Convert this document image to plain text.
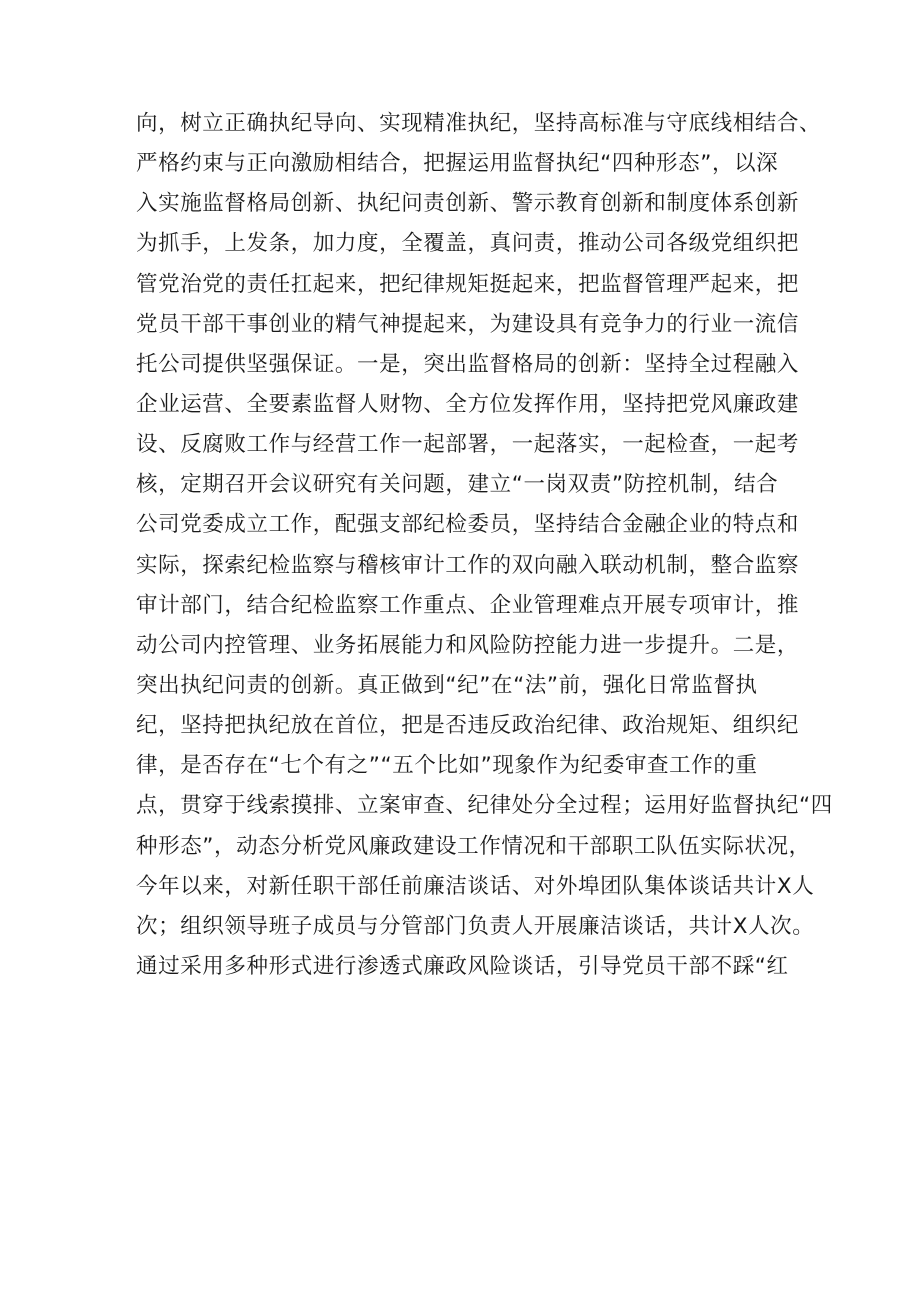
向，树立正确执纪导向、实现精准执纪，坚持高标准与守底线相结合、
严格约束与正向激励相结合，把握运用监督执纪“四种形态”，以深
入实施监督格局创新、执纪问责创新、警示教育创新和制度体系创新
为抓手，上发条，加力度，全覆盖，真问责，推动公司各级党组织把
管党治党的责任扛起来，把纪律规矩挺起来，把监督管理严起来，把
党员干部干事创业的精气神提起来，为建设具有竞争力的行业一流信
托公司提供坚强保证。一是，突出监督格局的创新：坚持全过程融入
企业运营、全要素监督人财物、全方位发挥作用，坚持把党风廉政建
设、反腐败工作与经营工作一起部署，一起落实，一起检查，一起考
核，定期召开会议研究有关问题，建立“一岗双责”防控机制，结合
公司党委成立工作，配强支部纪检委员，坚持结合金融企业的特点和
实际，探索纪检监察与稽核审计工作的双向融入联动机制，整合监察
审计部门，结合纪检监察工作重点、企业管理难点开展专项审计，推
动公司内控管理、业务拓展能力和风险防控能力进一步提升。二是，
突出执纪问责的创新。真正做到“纪”在“法”前，强化日常监督执
纪，坚持把执纪放在首位，把是否违反政治纪律、政治规矩、组织纪
律，是否存在“七个有之”“五个比如”现象作为纪委审查工作的重
点，贯穿于线索摸排、立案审查、纪律处分全过程；运用好监督执纪“四
种形态”，动态分析党风廉政建设工作情况和干部职工队伍实际状况，
今年以来，对新任职干部任前廉洁谈话、对外埠团队集体谈话共计X人
次；组织领导班子成员与分管部门负责人开展廉洁谈话，共计X人次。
通过采用多种形式进行渗透式廉政风险谈话，引导党员干部不踩“红
